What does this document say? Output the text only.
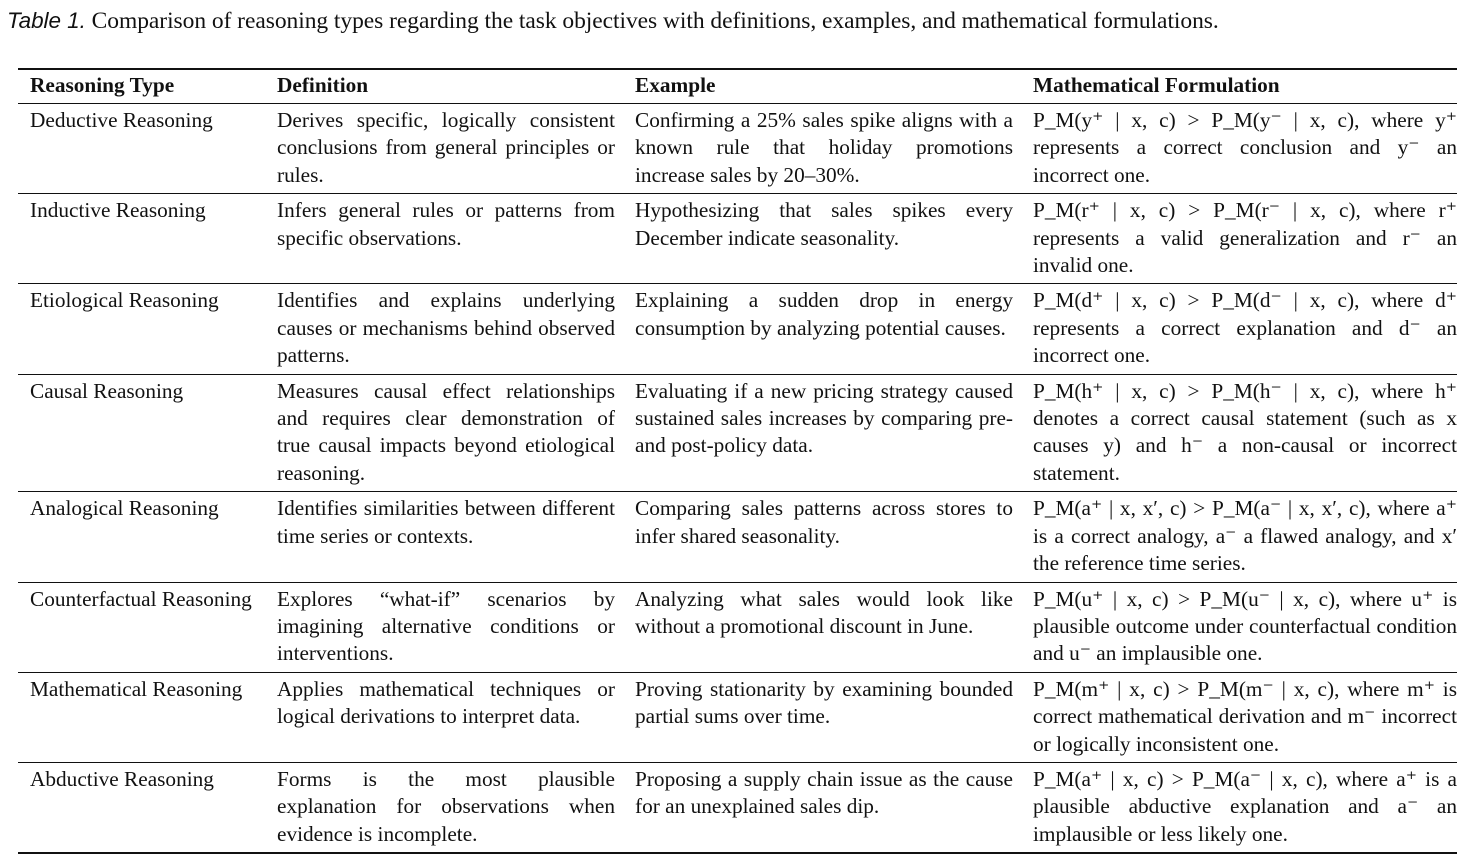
Table 1. Comparison of reasoning types regarding the task objectives with definitions, examples, and mathematical formulations.
Reasoning Type	Definition	Example	Mathematical Formulation
Deductive Reasoning	Derives specific, logically consistent conclusions from general principles or rules.	Confirming a 25% sales spike aligns with a known rule that holiday promotions increase sales by 20–30%.	P_M(y⁺ | x, c) > P_M(y⁻ | x, c), where y⁺ represents a correct conclusion and y⁻ an incorrect one.
Inductive Reasoning	Infers general rules or patterns from specific observations.	Hypothesizing that sales spikes every December indicate seasonality.	P_M(r⁺ | x, c) > P_M(r⁻ | x, c), where r⁺ represents a valid generalization and r⁻ an invalid one.
Etiological Reasoning	Identifies and explains underlying causes or mechanisms behind observed patterns.	Explaining a sudden drop in energy consumption by analyzing potential causes.	P_M(d⁺ | x, c) > P_M(d⁻ | x, c), where d⁺ represents a correct explanation and d⁻ an incorrect one.
Causal Reasoning	Measures causal effect relationships and requires clear demonstration of true causal impacts beyond etiological reasoning.	Evaluating if a new pricing strategy caused sustained sales increases by comparing pre- and post-policy data.	P_M(h⁺ | x, c) > P_M(h⁻ | x, c), where h⁺ denotes a correct causal statement (such as x causes y) and h⁻ a non-causal or incorrect statement.
Analogical Reasoning	Identifies similarities between different time series or contexts.	Comparing sales patterns across stores to infer shared seasonality.	P_M(a⁺ | x, x′, c) > P_M(a⁻ | x, x′, c), where a⁺ is a correct analogy, a⁻ a flawed analogy, and x′ the reference time series.
Counterfactual Reasoning	Explores “what-if” scenarios by imagining alternative conditions or interventions.	Analyzing what sales would look like without a promotional discount in June.	P_M(u⁺ | x, c) > P_M(u⁻ | x, c), where u⁺ is plausible outcome under counterfactual condition and u⁻ an implausible one.
Mathematical Reasoning	Applies mathematical techniques or logical derivations to interpret data.	Proving stationarity by examining bounded partial sums over time.	P_M(m⁺ | x, c) > P_M(m⁻ | x, c), where m⁺ is correct mathematical derivation and m⁻ incorrect or logically inconsistent one.
Abductive Reasoning	Forms is the most plausible explanation for observations when evidence is incomplete.	Proposing a supply chain issue as the cause for an unexplained sales dip.	P_M(a⁺ | x, c) > P_M(a⁻ | x, c), where a⁺ is a plausible abductive explanation and a⁻ an implausible or less likely one.
